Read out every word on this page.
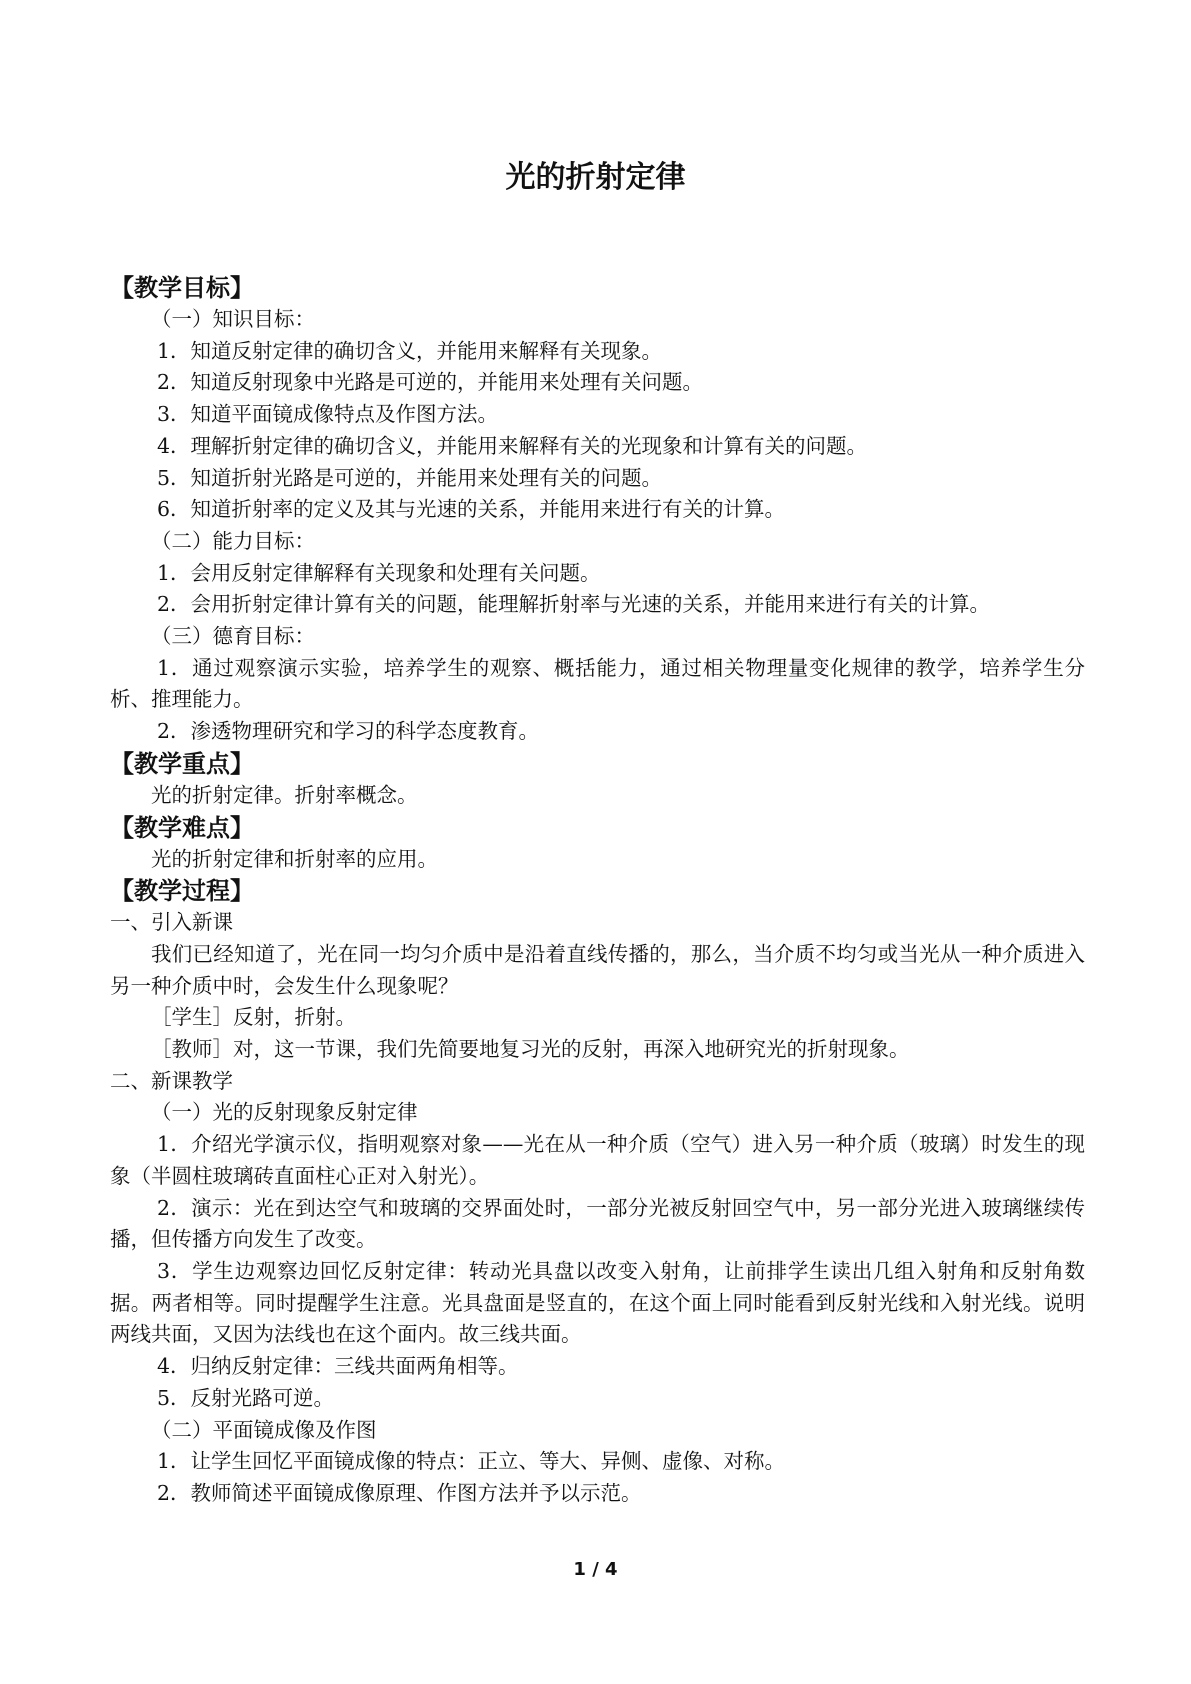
光的折射定律

【教学目标】

（一）知识目标：

1．知道反射定律的确切含义，并能用来解释有关现象。

2．知道反射现象中光路是可逆的，并能用来处理有关问题。

3．知道平面镜成像特点及作图方法。

4．理解折射定律的确切含义，并能用来解释有关的光现象和计算有关的问题。

5．知道折射光路是可逆的，并能用来处理有关的问题。

6．知道折射率的定义及其与光速的关系，并能用来进行有关的计算。

（二）能力目标：

1．会用反射定律解释有关现象和处理有关问题。

2．会用折射定律计算有关的问题，能理解折射率与光速的关系，并能用来进行有关的计算。

（三）德育目标：

1．通过观察演示实验，培养学生的观察、概括能力，通过相关物理量变化规律的教学，培养学生分析、推理能力。

2．渗透物理研究和学习的科学态度教育。

【教学重点】

光的折射定律。折射率概念。

【教学难点】

光的折射定律和折射率的应用。

【教学过程】

一、引入新课

我们已经知道了，光在同一均匀介质中是沿着直线传播的，那么，当介质不均匀或当光从一种介质进入另一种介质中时，会发生什么现象呢？

［学生］反射，折射。

［教师］对，这一节课，我们先简要地复习光的反射，再深入地研究光的折射现象。

二、新课教学

（一）光的反射现象反射定律

1．介绍光学演示仪，指明观察对象——光在从一种介质（空气）进入另一种介质（玻璃）时发生的现象（半圆柱玻璃砖直面柱心正对入射光）。

2．演示：光在到达空气和玻璃的交界面处时，一部分光被反射回空气中，另一部分光进入玻璃继续传播，但传播方向发生了改变。

3．学生边观察边回忆反射定律：转动光具盘以改变入射角，让前排学生读出几组入射角和反射角数据。两者相等。同时提醒学生注意。光具盘面是竖直的，在这个面上同时能看到反射光线和入射光线。说明两线共面，又因为法线也在这个面内。故三线共面。

4．归纳反射定律：三线共面两角相等。

5．反射光路可逆。

（二）平面镜成像及作图

1．让学生回忆平面镜成像的特点：正立、等大、异侧、虚像、对称。

2．教师简述平面镜成像原理、作图方法并予以示范。

1 / 4
